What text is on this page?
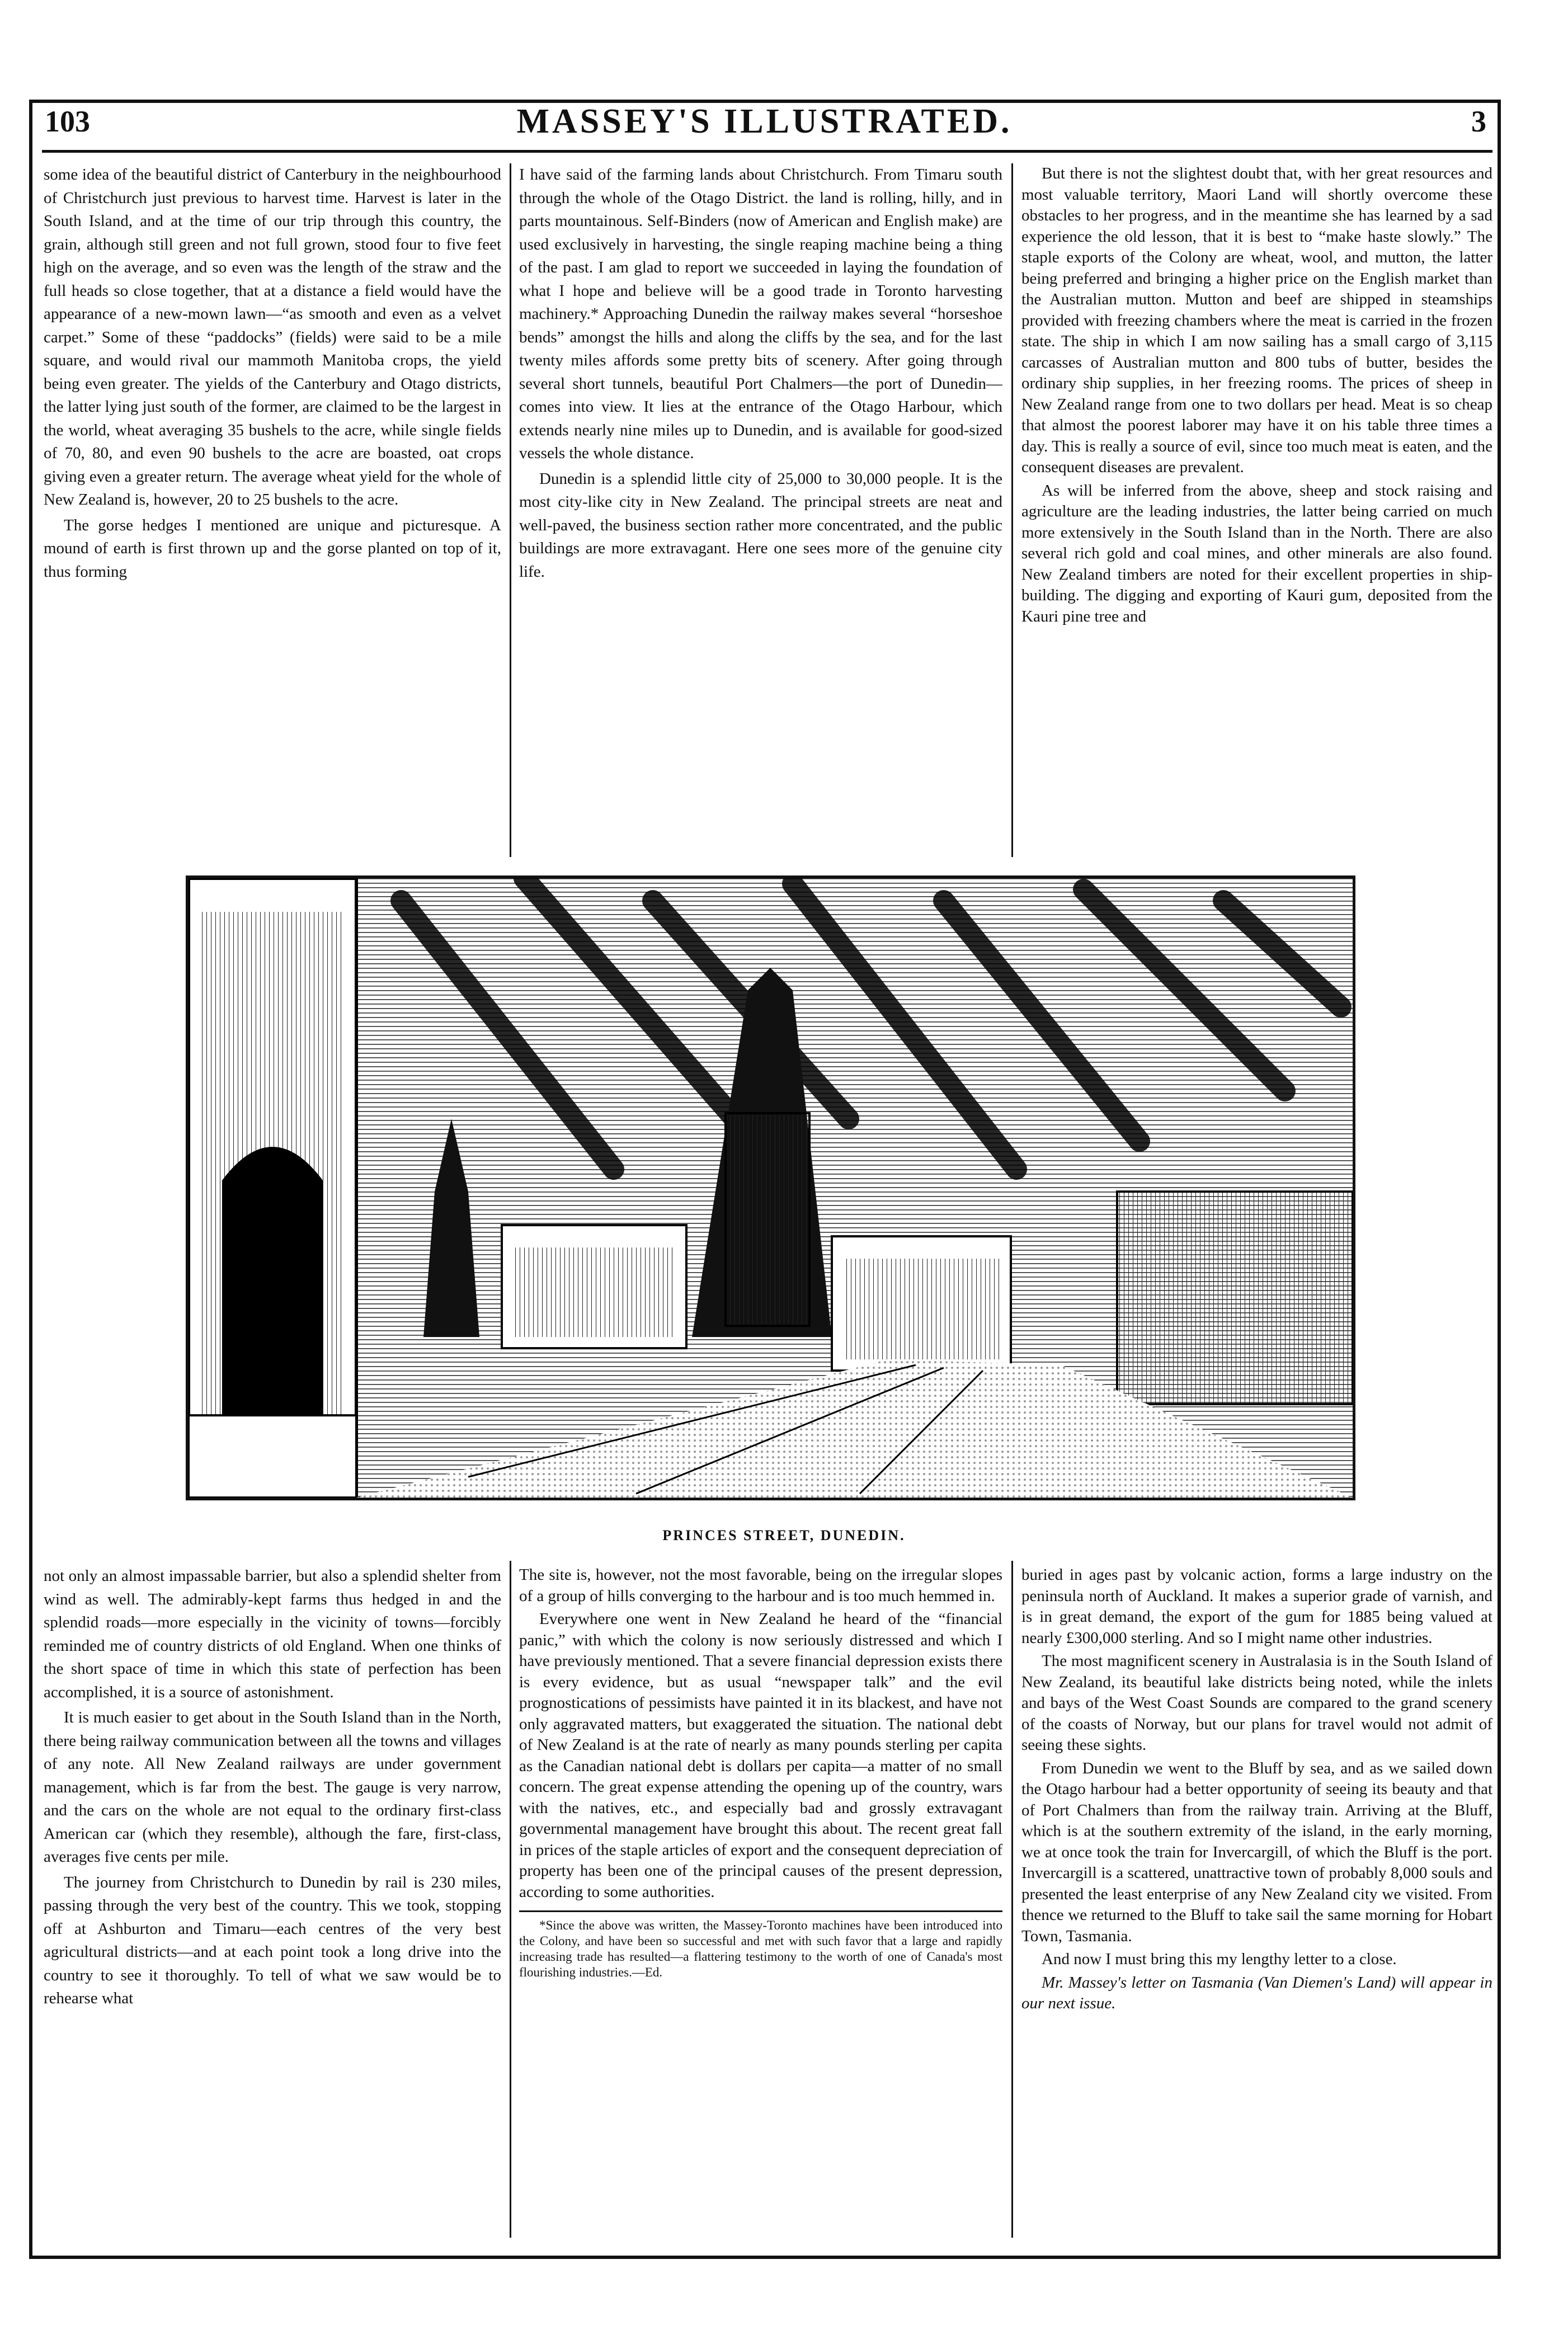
103	MASSEY'S ILLUSTRATED.	3

some idea of the beautiful district of Canterbury in the neighbourhood of Christchurch just previous to harvest time. Harvest is later in the South Island, and at the time of our trip through this country, the grain, although still green and not full grown, stood four to five feet high on the average, and so even was the length of the straw and the full heads so close together, that at a distance a field would have the appearance of a new-mown lawn—“as smooth and even as a velvet carpet.” Some of these “paddocks” (fields) were said to be a mile square, and would rival our mammoth Manitoba crops, the yield being even greater. The yields of the Canterbury and Otago districts, the latter lying just south of the former, are claimed to be the largest in the world, wheat averaging 35 bushels to the acre, while single fields of 70, 80, and even 90 bushels to the acre are boasted, oat crops giving even a greater return. The average wheat yield for the whole of New Zealand is, however, 20 to 25 bushels to the acre.

The gorse hedges I mentioned are unique and picturesque. A mound of earth is first thrown up and the gorse planted on top of it, thus forming

I have said of the farming lands about Christchurch. From Timaru south through the whole of the Otago District. the land is rolling, hilly, and in parts mountainous. Self-Binders (now of American and English make) are used exclusively in harvesting, the single reaping machine being a thing of the past. I am glad to report we succeeded in laying the foundation of what I hope and believe will be a good trade in Toronto harvesting machinery.* Approaching Dunedin the railway makes several “horseshoe bends” amongst the hills and along the cliffs by the sea, and for the last twenty miles affords some pretty bits of scenery. After going through several short tunnels, beautiful Port Chalmers—the port of Dunedin—comes into view. It lies at the entrance of the Otago Harbour, which extends nearly nine miles up to Dunedin, and is available for good-sized vessels the whole distance.

Dunedin is a splendid little city of 25,000 to 30,000 people. It is the most city-like city in New Zealand. The principal streets are neat and well-paved, the business section rather more concentrated, and the public buildings are more extravagant. Here one sees more of the genuine city life.

But there is not the slightest doubt that, with her great resources and most valuable territory, Maori Land will shortly overcome these obstacles to her progress, and in the meantime she has learned by a sad experience the old lesson, that it is best to “make haste slowly.” The staple exports of the Colony are wheat, wool, and mutton, the latter being preferred and bringing a higher price on the English market than the Australian mutton. Mutton and beef are shipped in steamships provided with freezing chambers where the meat is carried in the frozen state. The ship in which I am now sailing has a small cargo of 3,115 carcasses of Australian mutton and 800 tubs of butter, besides the ordinary ship supplies, in her freezing rooms. The prices of sheep in New Zealand range from one to two dollars per head. Meat is so cheap that almost the poorest laborer may have it on his table three times a day. This is really a source of evil, since too much meat is eaten, and the consequent diseases are prevalent.

As will be inferred from the above, sheep and stock raising and agriculture are the leading industries, the latter being carried on much more extensively in the South Island than in the North. There are also several rich gold and coal mines, and other minerals are also found. New Zealand timbers are noted for their excellent properties in ship-building. The digging and exporting of Kauri gum, deposited from the Kauri pine tree and

PRINCES STREET, DUNEDIN.

not only an almost impassable barrier, but also a splendid shelter from wind as well. The admirably-kept farms thus hedged in and the splendid roads—more especially in the vicinity of towns—forcibly reminded me of country districts of old England. When one thinks of the short space of time in which this state of perfection has been accomplished, it is a source of astonishment.

It is much easier to get about in the South Island than in the North, there being railway communication between all the towns and villages of any note. All New Zealand railways are under government management, which is far from the best. The gauge is very narrow, and the cars on the whole are not equal to the ordinary first-class American car (which they resemble), although the fare, first-class, averages five cents per mile.

The journey from Christchurch to Dunedin by rail is 230 miles, passing through the very best of the country. This we took, stopping off at Ashburton and Timaru—each centres of the very best agricultural districts—and at each point took a long drive into the country to see it thoroughly. To tell of what we saw would be to rehearse what

The site is, however, not the most favorable, being on the irregular slopes of a group of hills converging to the harbour and is too much hemmed in.

Everywhere one went in New Zealand he heard of the “financial panic,” with which the colony is now seriously distressed and which I have previously mentioned. That a severe financial depression exists there is every evidence, but as usual “newspaper talk” and the evil prognostications of pessimists have painted it in its blackest, and have not only aggravated matters, but exaggerated the situation. The national debt of New Zealand is at the rate of nearly as many pounds sterling per capita as the Canadian national debt is dollars per capita—a matter of no small concern. The great expense attending the opening up of the country, wars with the natives, etc., and especially bad and grossly extravagant governmental management have brought this about. The recent great fall in prices of the staple articles of export and the consequent depreciation of property has been one of the principal causes of the present depression, according to some authorities.

*Since the above was written, the Massey-Toronto machines have been introduced into the Colony, and have been so successful and met with such favor that a large and rapidly increasing trade has resulted—a flattering testimony to the worth of one of Canada's most flourishing industries.—Ed.

buried in ages past by volcanic action, forms a large industry on the peninsula north of Auckland. It makes a superior grade of varnish, and is in great demand, the export of the gum for 1885 being valued at nearly £300,000 sterling. And so I might name other industries.

The most magnificent scenery in Australasia is in the South Island of New Zealand, its beautiful lake districts being noted, while the inlets and bays of the West Coast Sounds are compared to the grand scenery of the coasts of Norway, but our plans for travel would not admit of seeing these sights.

From Dunedin we went to the Bluff by sea, and as we sailed down the Otago harbour had a better opportunity of seeing its beauty and that of Port Chalmers than from the railway train. Arriving at the Bluff, which is at the southern extremity of the island, in the early morning, we at once took the train for Invercargill, of which the Bluff is the port. Invercargill is a scattered, unattractive town of probably 8,000 souls and presented the least enterprise of any New Zealand city we visited. From thence we returned to the Bluff to take sail the same morning for Hobart Town, Tasmania.

And now I must bring this my lengthy letter to a close.

Mr. Massey's letter on Tasmania (Van Diemen's Land) will appear in our next issue.
